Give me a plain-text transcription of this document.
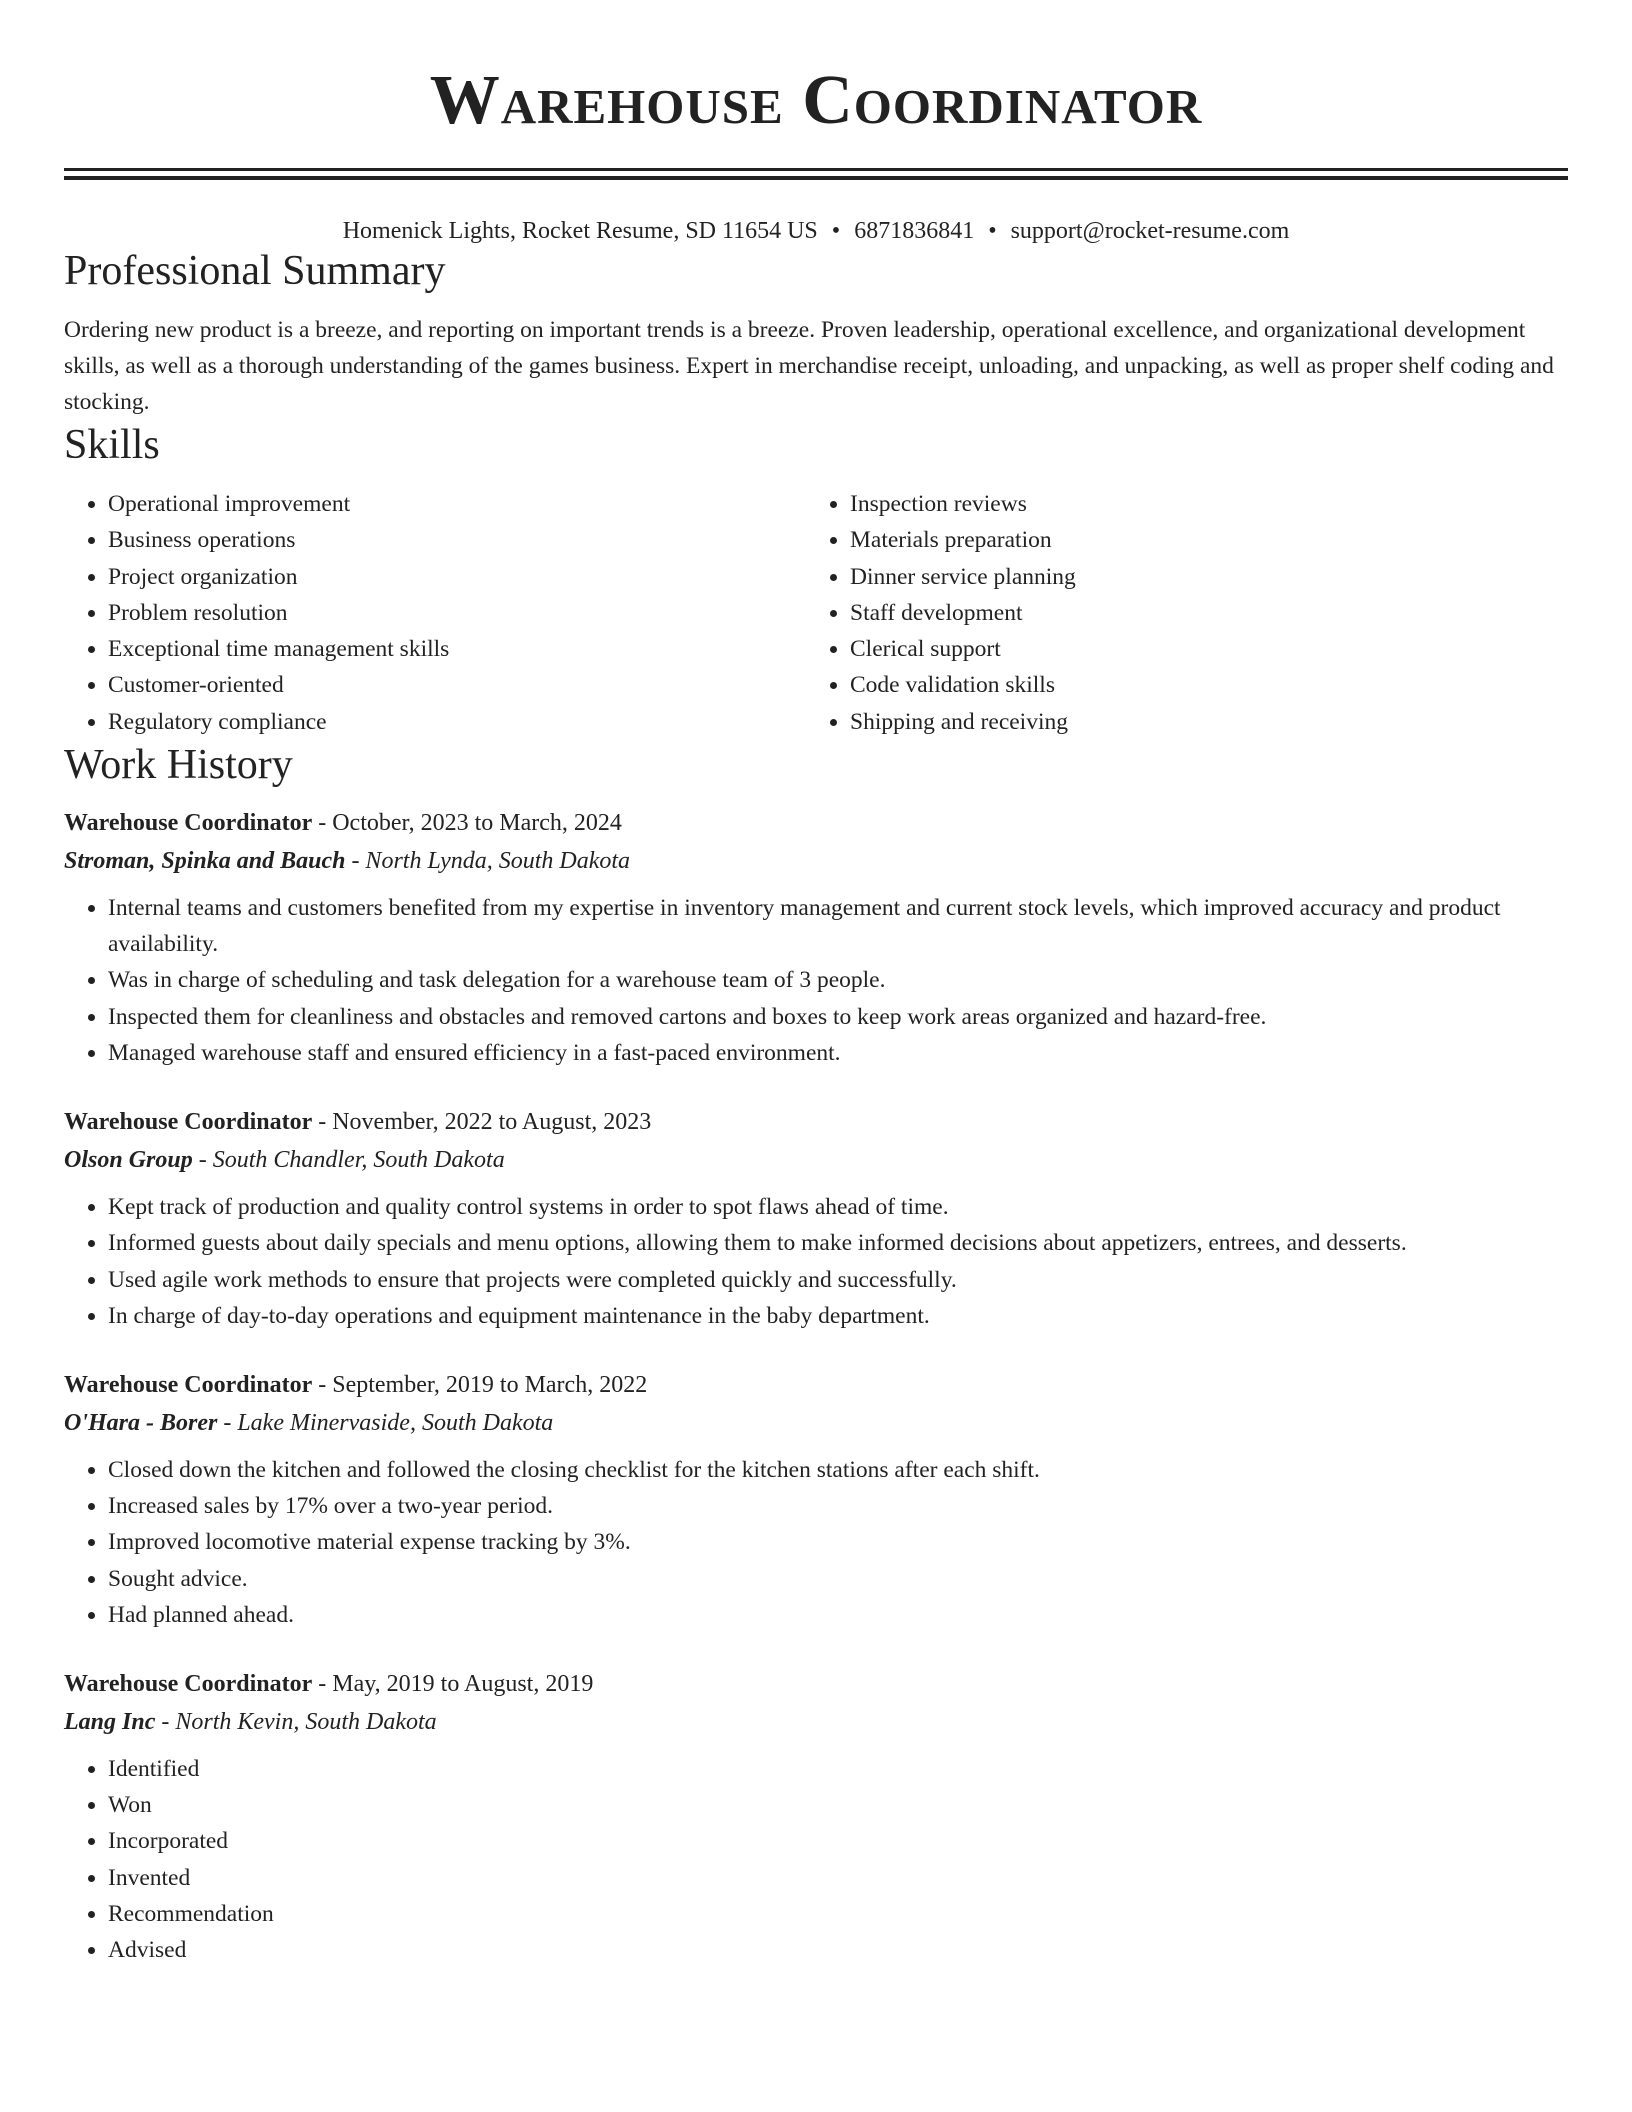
Warehouse Coordinator
Homenick Lights, Rocket Resume, SD 11654 US • 6871836841 • support@rocket-resume.com
Professional Summary

Ordering new product is a breeze, and reporting on important trends is a breeze. Proven leadership, operational excellence, and organizational development skills, as well as a thorough understanding of the games business. Expert in merchandise receipt, unloading, and unpacking, as well as proper shelf coding and stocking.

Skills
• Operational improvement
• Business operations
• Project organization
• Problem resolution
• Exceptional time management skills
• Customer-oriented
• Regulatory compliance
• Inspection reviews
• Materials preparation
• Dinner service planning
• Staff development
• Clerical support
• Code validation skills
• Shipping and receiving
Work History
Warehouse Coordinator - October, 2023 to March, 2024
Stroman, Spinka and Bauch - North Lynda, South Dakota
• Internal teams and customers benefited from my expertise in inventory management and current stock levels, which improved accuracy and product availability.
• Was in charge of scheduling and task delegation for a warehouse team of 3 people.
• Inspected them for cleanliness and obstacles and removed cartons and boxes to keep work areas organized and hazard-free.
• Managed warehouse staff and ensured efficiency in a fast-paced environment.
Warehouse Coordinator - November, 2022 to August, 2023
Olson Group - South Chandler, South Dakota
• Kept track of production and quality control systems in order to spot flaws ahead of time.
• Informed guests about daily specials and menu options, allowing them to make informed decisions about appetizers, entrees, and desserts.
• Used agile work methods to ensure that projects were completed quickly and successfully.
• In charge of day-to-day operations and equipment maintenance in the baby department.
Warehouse Coordinator - September, 2019 to March, 2022
O'Hara - Borer - Lake Minervaside, South Dakota
• Closed down the kitchen and followed the closing checklist for the kitchen stations after each shift.
• Increased sales by 17% over a two-year period.
• Improved locomotive material expense tracking by 3%.
• Sought advice.
• Had planned ahead.
Warehouse Coordinator - May, 2019 to August, 2019
Lang Inc - North Kevin, South Dakota
• Identified
• Won
• Incorporated
• Invented
• Recommendation
• Advised
